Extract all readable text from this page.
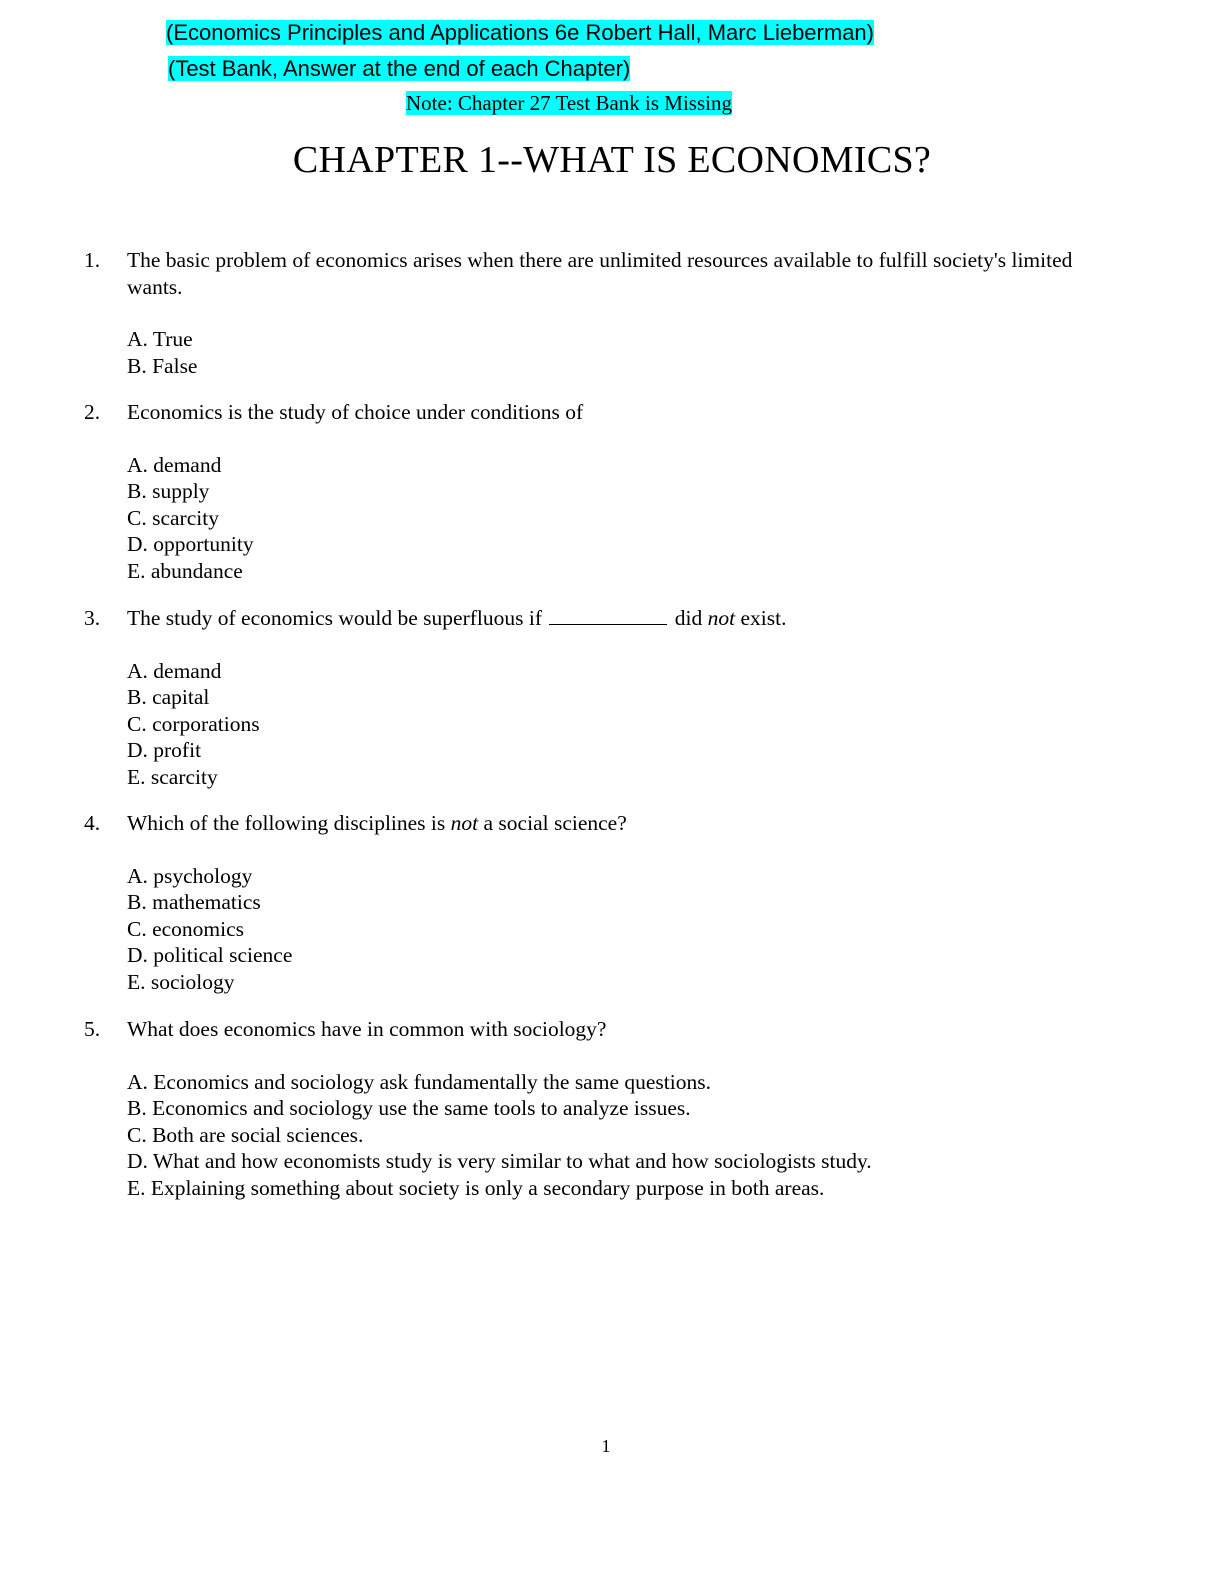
(Economics Principles and Applications 6e Robert Hall, Marc Lieberman)
(Test Bank, Answer at the end of each Chapter)
Note: Chapter 27 Test Bank is Missing
CHAPTER 1--WHAT IS ECONOMICS?
1.	The basic problem of economics arises when there are unlimited resources available to fulfill society's limited wants.
A. True
B. False
2.	Economics is the study of choice under conditions of
A. demand
B. supply
C. scarcity
D. opportunity
E. abundance
3.	The study of economics would be superfluous if	did not exist.
A. demand
B. capital
C. corporations
D. profit
E. scarcity
4.	Which of the following disciplines is not a social science?
A. psychology
B. mathematics
C. economics
D. political science
E. sociology
5.	What does economics have in common with sociology?
A. Economics and sociology ask fundamentally the same questions.
B. Economics and sociology use the same tools to analyze issues.
C. Both are social sciences.
D. What and how economists study is very similar to what and how sociologists study.
E. Explaining something about society is only a secondary purpose in both areas.
1
